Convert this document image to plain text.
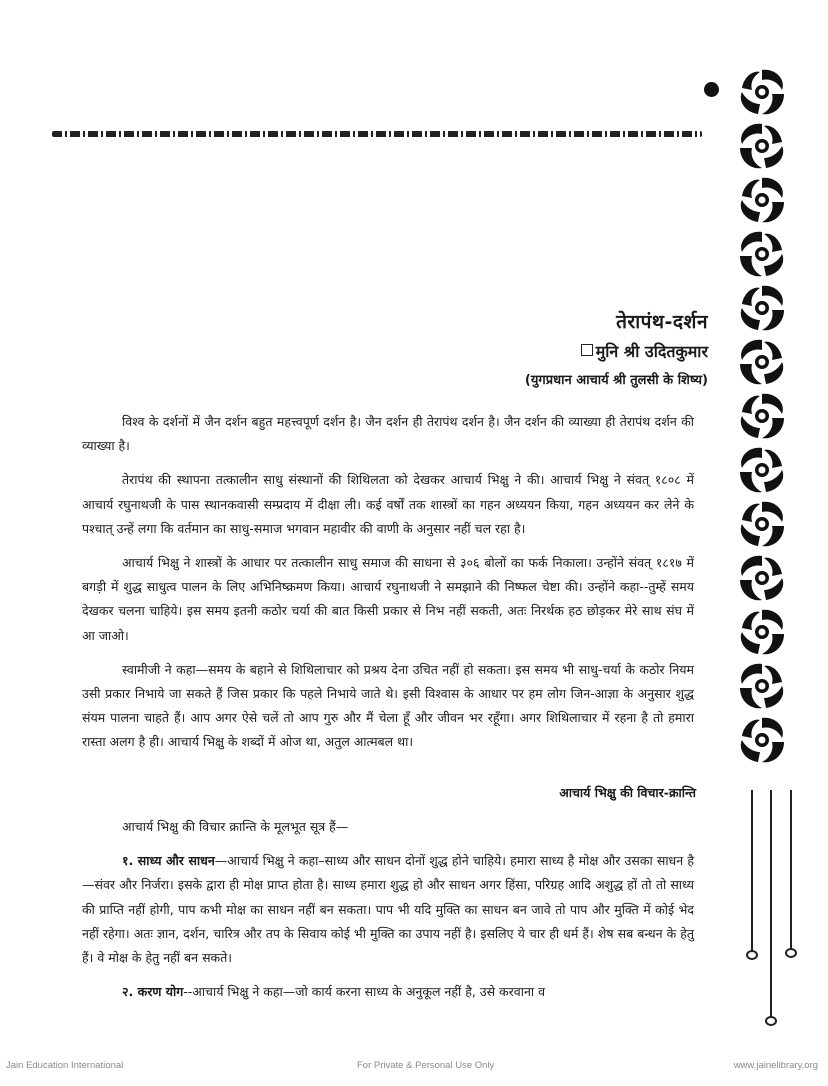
तेरापंथ-दर्शन
मुनि श्री उदितकुमार
(युगप्रधान आचार्य श्री तुलसी के शिष्य)

विश्व के दर्शनों में जैन दर्शन बहुत महत्त्वपूर्ण दर्शन है। जैन दर्शन ही तेरापंथ दर्शन है। जैन दर्शन की व्याख्या ही तेरापंथ दर्शन की व्याख्या है।

तेरापंथ की स्थापना तत्कालीन साधु संस्थानों की शिथिलता को देखकर आचार्य भिक्षु ने की। आचार्य भिक्षु ने संवत् १८०८ में आचार्य रघुनाथजी के पास स्थानकवासी सम्प्रदाय में दीक्षा ली। कई वर्षों तक शास्त्रों का गहन अध्ययन किया, गहन अध्ययन कर लेने के पश्चात् उन्हें लगा कि वर्तमान का साधु-समाज भगवान महावीर की वाणी के अनुसार नहीं चल रहा है।

आचार्य भिक्षु ने शास्त्रों के आधार पर तत्कालीन साधु समाज की साधना से ३०६ बोलों का फर्क निकाला। उन्होंने संवत् १८१७ में बगड़ी में शुद्ध साधुत्व पालन के लिए अभिनिष्क्रमण किया। आचार्य रघुनाथजी ने समझाने की निष्फल चेष्टा की। उन्होंने कहा--तुम्हें समय देखकर चलना चाहिये। इस समय इतनी कठोर चर्या की बात किसी प्रकार से निभ नहीं सकती, अतः निरर्थक हठ छोड़कर मेरे साथ संघ में आ जाओ।

स्वामीजी ने कहा—समय के बहाने से शिथिलाचार को प्रश्रय देना उचित नहीं हो सकता। इस समय भी साधु-चर्या के कठोर नियम उसी प्रकार निभाये जा सकते हैं जिस प्रकार कि पहले निभाये जाते थे। इसी विश्वास के आधार पर हम लोग जिन-आज्ञा के अनुसार शुद्ध संयम पालना चाहते हैं। आप अगर ऐसे चलें तो आप गुरु और मैं चेला हूँ और जीवन भर रहूँगा। अगर शिथिलाचार में रहना है तो हमारा रास्ता अलग है ही। आचार्य भिक्षु के शब्दों में ओज था, अतुल आत्मबल था।

आचार्य भिक्षु की विचार-क्रान्ति

आचार्य भिक्षु की विचार क्रान्ति के मूलभूत सूत्र हैं—

१. साध्य और साधन—आचार्य भिक्षु ने कहा–साध्य और साधन दोनों शुद्ध होने चाहिये। हमारा साध्य है मोक्ष और उसका साधन है—संवर और निर्जरा। इसके द्वारा ही मोक्ष प्राप्त होता है। साध्य हमारा शुद्ध हो और साधन अगर हिंसा, परिग्रह आदि अशुद्ध हों तो तो साध्य की प्राप्ति नहीं होगी, पाप कभी मोक्ष का साधन नहीं बन सकता। पाप भी यदि मुक्ति का साधन बन जावे तो पाप और मुक्ति में कोई भेद नहीं रहेगा। अतः ज्ञान, दर्शन, चारित्र और तप के सिवाय कोई भी मुक्ति का उपाय नहीं है। इसलिए ये चार ही धर्म हैं। शेष सब बन्धन के हेतु हैं। वे मोक्ष के हेतु नहीं बन सकते।

२. करण योग--आचार्य भिक्षु ने कहा—जो कार्य करना साध्य के अनुकूल नहीं है, उसे करवाना व

Jain Education International	For Private & Personal Use Only	www.jainelibrary.org
